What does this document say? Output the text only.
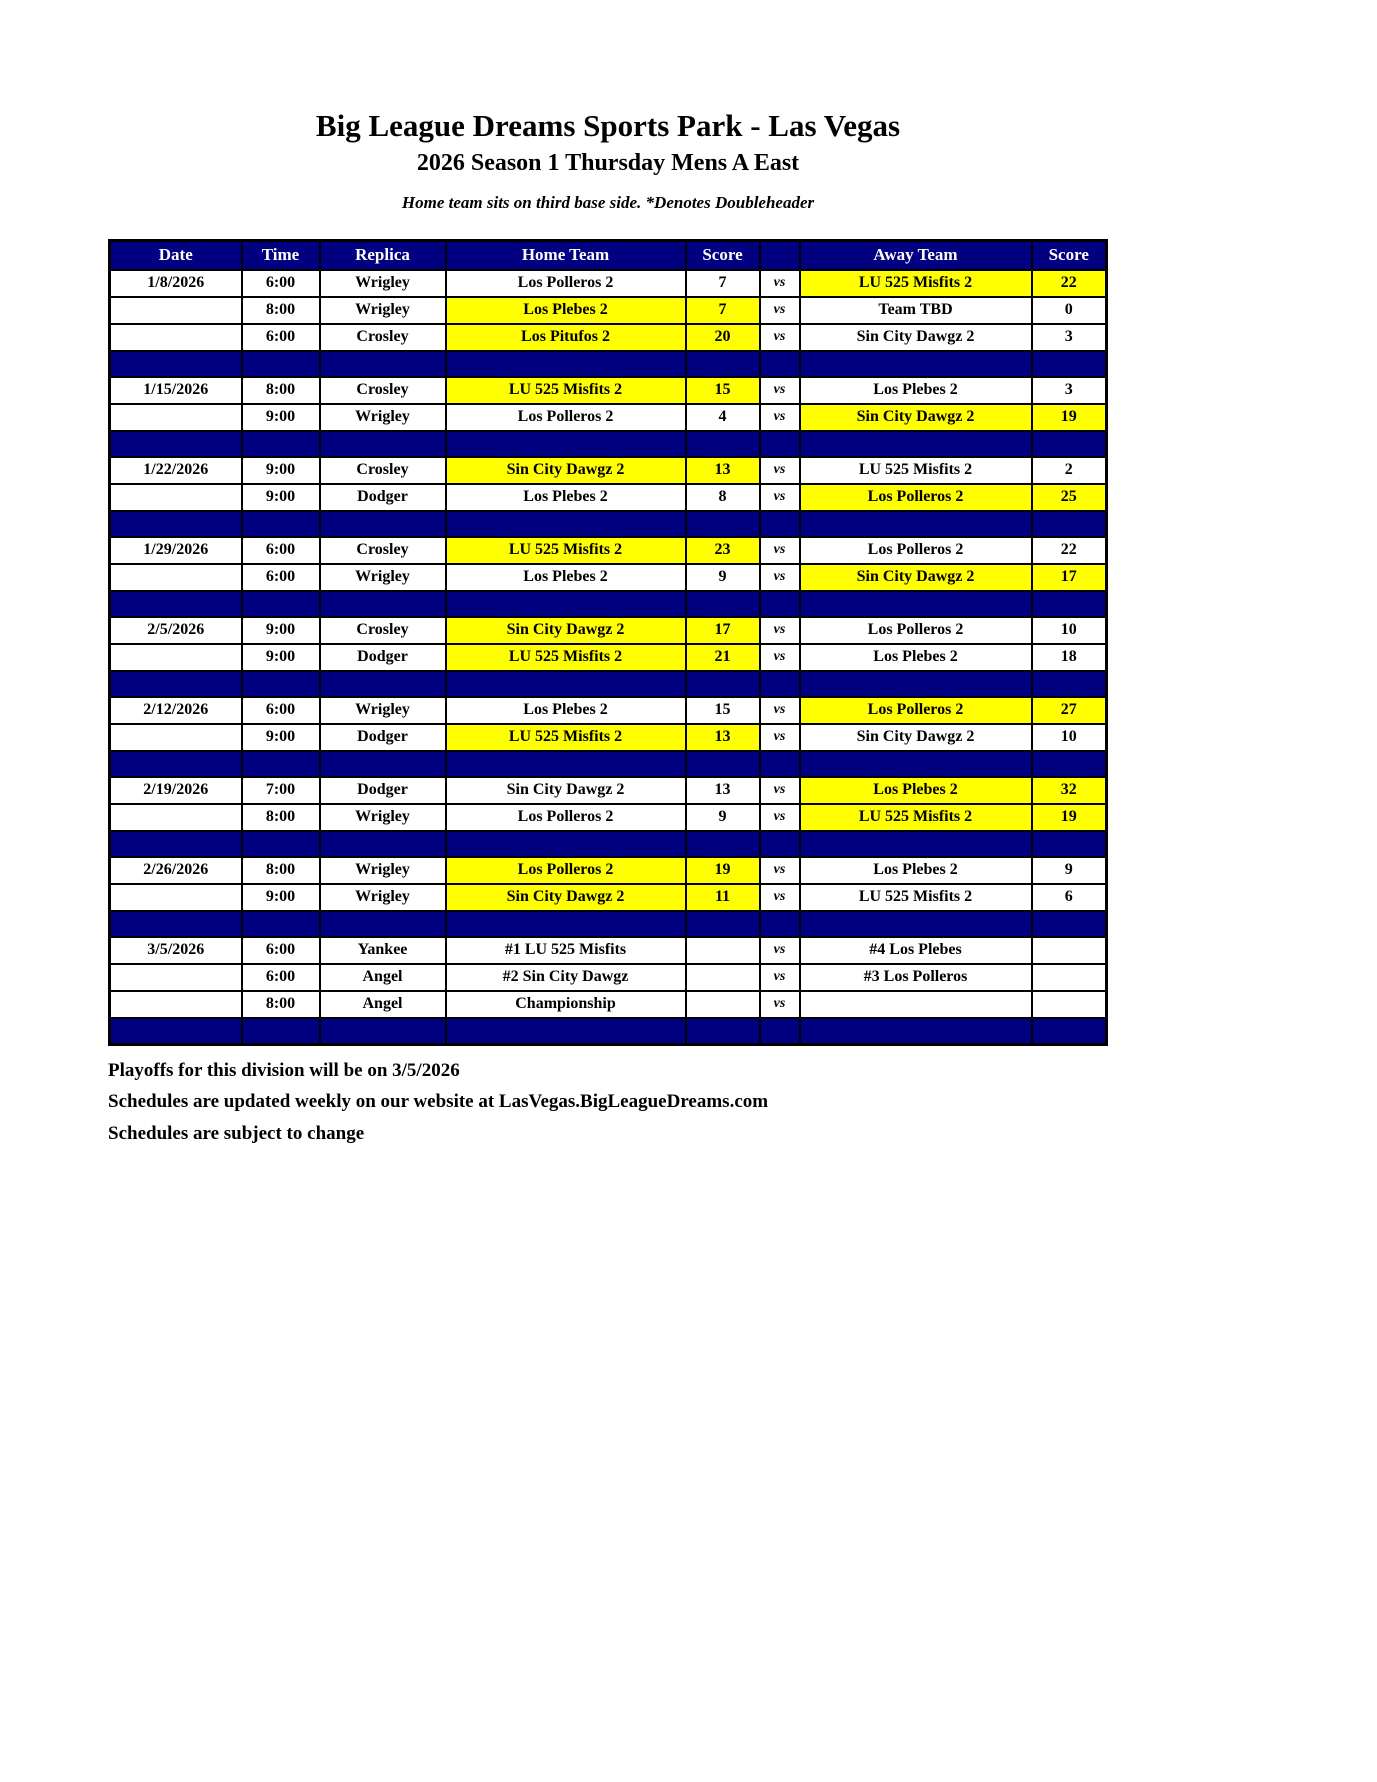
Big League Dreams Sports Park - Las Vegas
2026 Season 1 Thursday Mens A East
Home team sits on third base side. *Denotes Doubleheader
Date	Time	Replica	Home Team	Score		Away Team	Score
1/8/2026	6:00	Wrigley	Los Polleros 2	7	vs	LU 525 Misfits 2	22
	8:00	Wrigley	Los Plebes 2	7	vs	Team TBD	0
	6:00	Crosley	Los Pitufos 2	20	vs	Sin City Dawgz 2	3

1/15/2026	8:00	Crosley	LU 525 Misfits 2	15	vs	Los Plebes 2	3
	9:00	Wrigley	Los Polleros 2	4	vs	Sin City Dawgz 2	19

1/22/2026	9:00	Crosley	Sin City Dawgz 2	13	vs	LU 525 Misfits 2	2
	9:00	Dodger	Los Plebes 2	8	vs	Los Polleros 2	25

1/29/2026	6:00	Crosley	LU 525 Misfits 2	23	vs	Los Polleros 2	22
	6:00	Wrigley	Los Plebes 2	9	vs	Sin City Dawgz 2	17

2/5/2026	9:00	Crosley	Sin City Dawgz 2	17	vs	Los Polleros 2	10
	9:00	Dodger	LU 525 Misfits 2	21	vs	Los Plebes 2	18

2/12/2026	6:00	Wrigley	Los Plebes 2	15	vs	Los Polleros 2	27
	9:00	Dodger	LU 525 Misfits 2	13	vs	Sin City Dawgz 2	10

2/19/2026	7:00	Dodger	Sin City Dawgz 2	13	vs	Los Plebes 2	32
	8:00	Wrigley	Los Polleros 2	9	vs	LU 525 Misfits 2	19

2/26/2026	8:00	Wrigley	Los Polleros 2	19	vs	Los Plebes 2	9
	9:00	Wrigley	Sin City Dawgz 2	11	vs	LU 525 Misfits 2	6

3/5/2026	6:00	Yankee	#1 LU 525 Misfits		vs	#4 Los Plebes	
	6:00	Angel	#2 Sin City Dawgz		vs	#3 Los Polleros	
	8:00	Angel	Championship		vs		

Playoffs for this division will be on 3/5/2026
Schedules are updated weekly on our website at LasVegas.BigLeagueDreams.com
Schedules are subject to change
